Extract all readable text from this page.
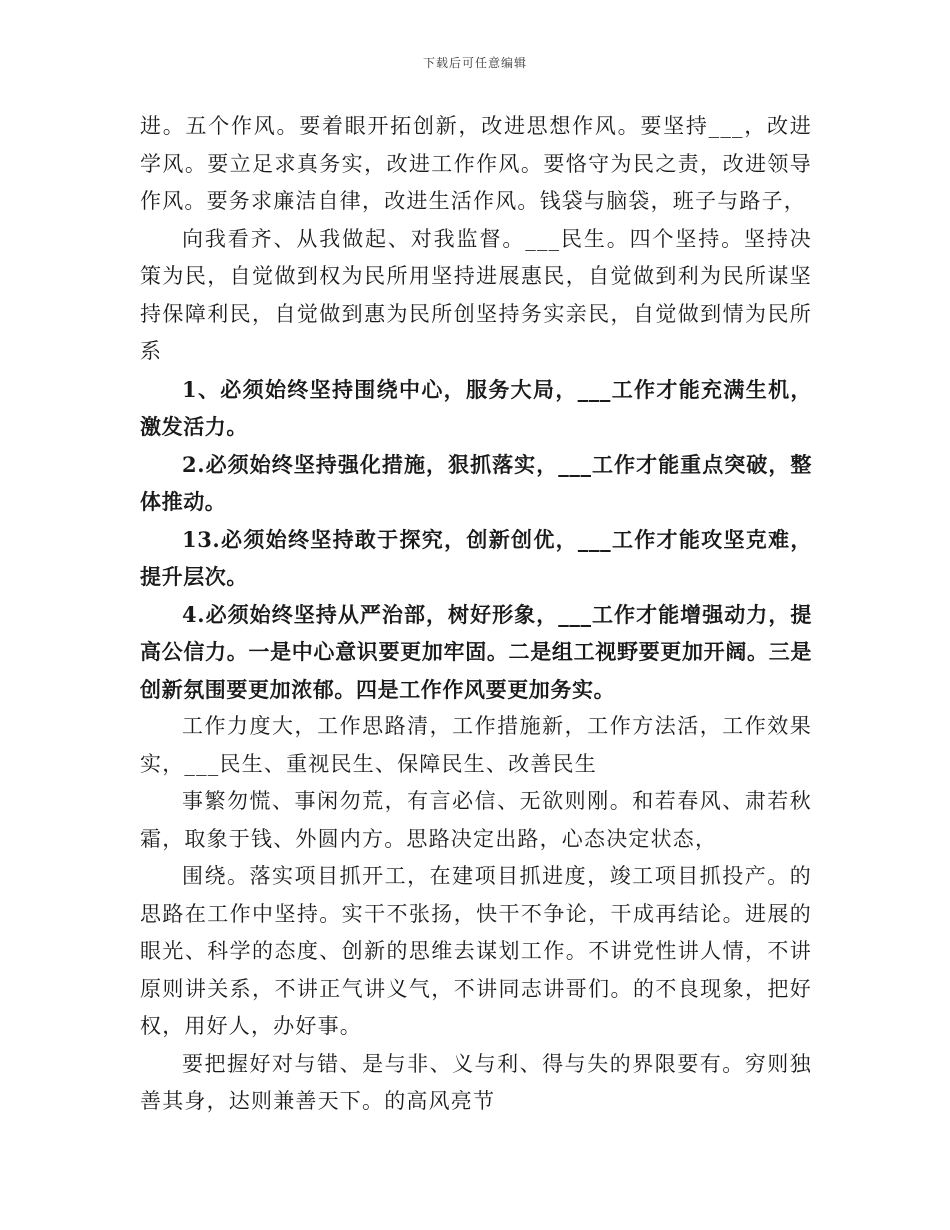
下载后可任意编辑

进。五个作风。要着眼开拓创新，改进思想作风。要坚持___，改进学风。要立足求真务实，改进工作作风。要恪守为民之责，改进领导作风。要务求廉洁自律，改进生活作风。钱袋与脑袋，班子与路子，

向我看齐、从我做起、对我监督。___民生。四个坚持。坚持决策为民，自觉做到权为民所用坚持进展惠民，自觉做到利为民所谋坚持保障利民，自觉做到惠为民所创坚持务实亲民，自觉做到情为民所系

1、必须始终坚持围绕中心，服务大局，___工作才能充满生机，激发活力。

2.必须始终坚持强化措施，狠抓落实，___工作才能重点突破，整体推动。

13.必须始终坚持敢于探究，创新创优，___工作才能攻坚克难，提升层次。

4.必须始终坚持从严治部，树好形象，___工作才能增强动力，提高公信力。一是中心意识要更加牢固。二是组工视野要更加开阔。三是创新氛围要更加浓郁。四是工作作风要更加务实。

工作力度大，工作思路清，工作措施新，工作方法活，工作效果实，___民生、重视民生、保障民生、改善民生

事繁勿慌、事闲勿荒，有言必信、无欲则刚。和若春风、肃若秋霜，取象于钱、外圆内方。思路决定出路，心态决定状态，

围绕。落实项目抓开工，在建项目抓进度，竣工项目抓投产。的思路在工作中坚持。实干不张扬，快干不争论，干成再结论。进展的眼光、科学的态度、创新的思维去谋划工作。不讲党性讲人情，不讲原则讲关系，不讲正气讲义气，不讲同志讲哥们。的不良现象，把好权，用好人，办好事。

要把握好对与错、是与非、义与利、得与失的界限要有。穷则独善其身，达则兼善天下。的高风亮节
